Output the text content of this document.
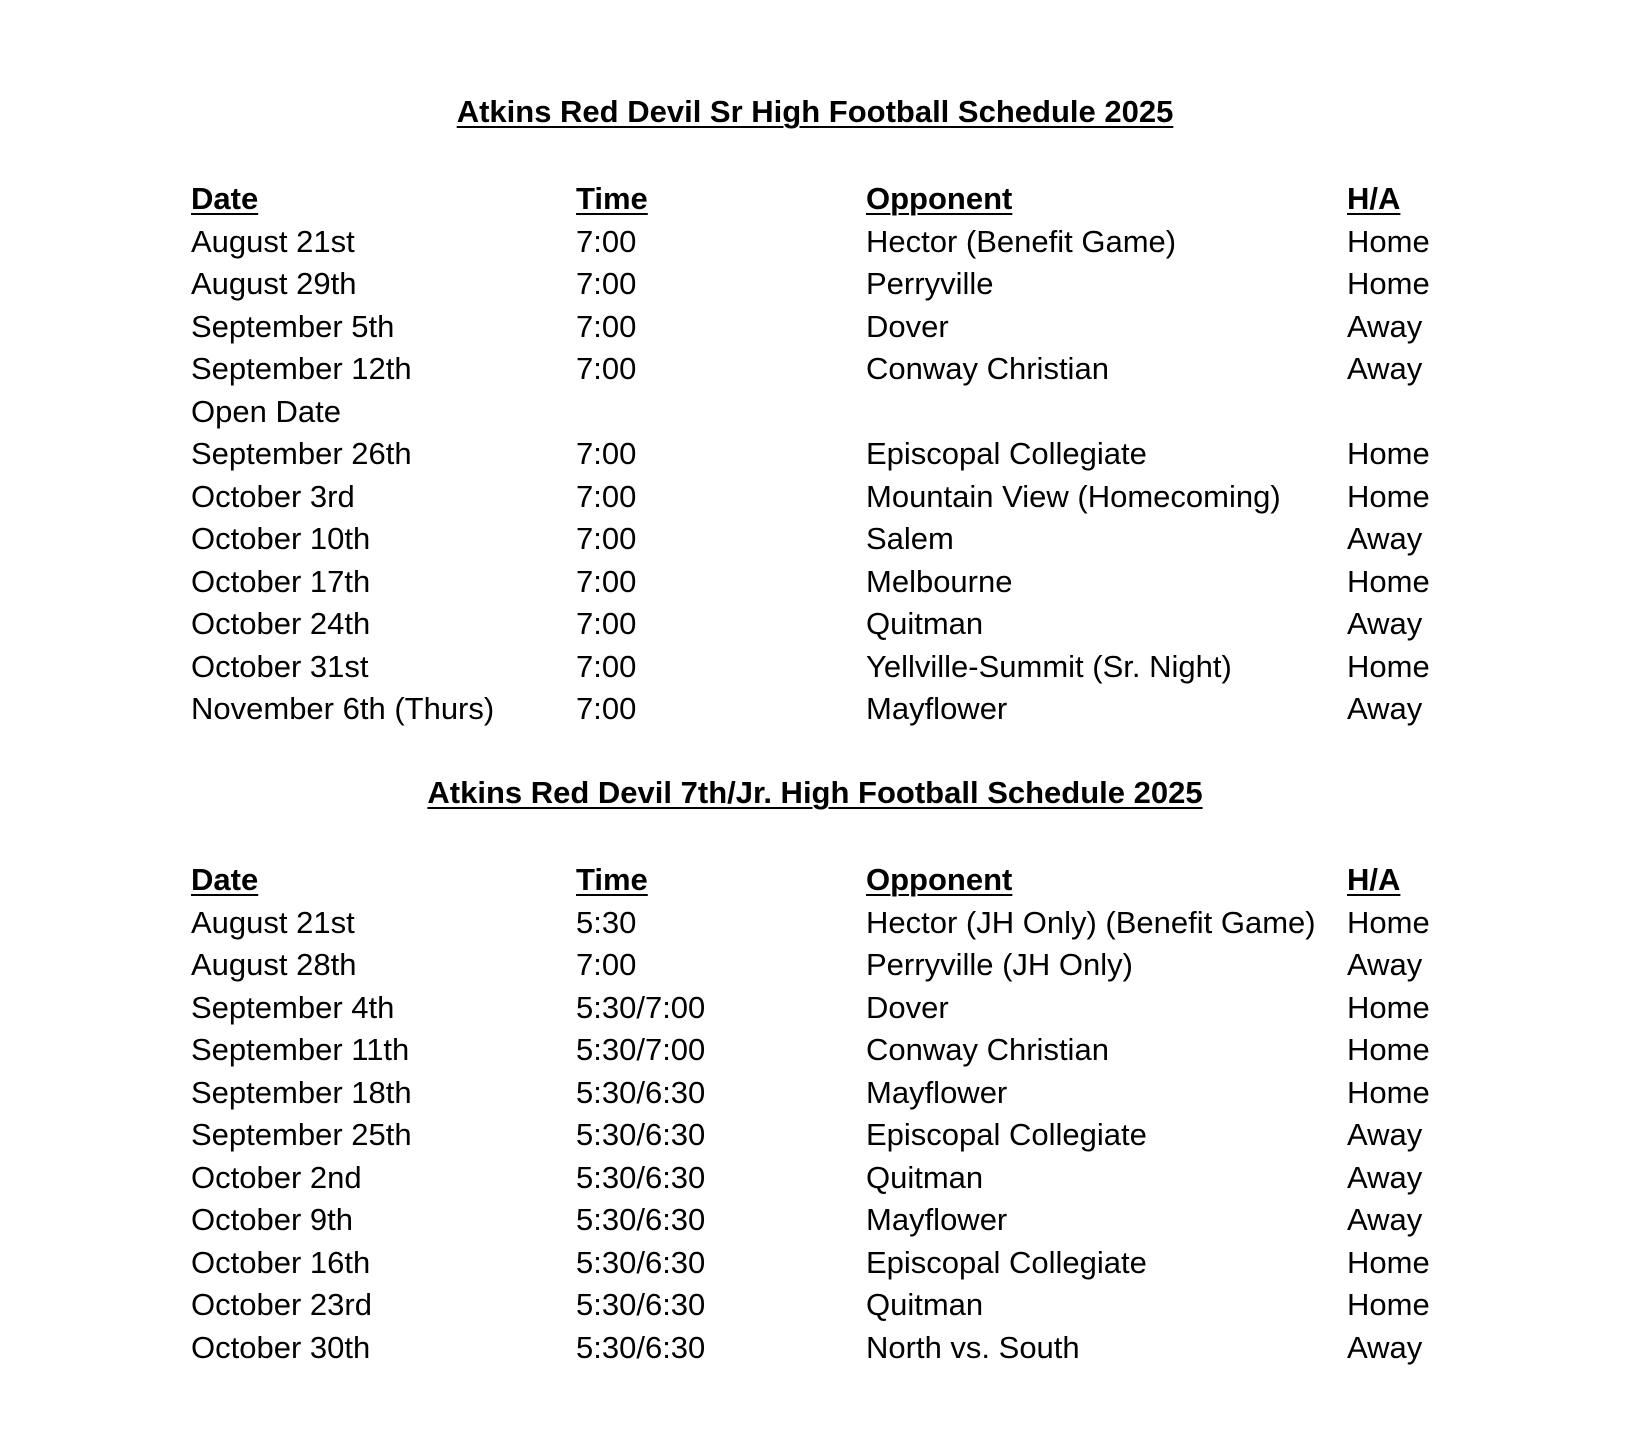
Atkins Red Devil Sr High Football Schedule 2025
Date	Time	Opponent	H/A
August 21st	7:00	Hector (Benefit Game)	Home
August 29th	7:00	Perryville	Home
September 5th	7:00	Dover	Away
September 12th	7:00	Conway Christian	Away
Open Date
September 26th	7:00	Episcopal Collegiate	Home
October 3rd	7:00	Mountain View (Homecoming) Home
October 10th	7:00	Salem	Away
October 17th	7:00	Melbourne	Home
October 24th	7:00	Quitman	Away
October 31st	7:00	Yellville-Summit (Sr. Night)	Home
November 6th (Thurs)	7:00	Mayflower	Away
Atkins Red Devil 7th/Jr. High Football Schedule 2025
Date	Time	Opponent	H/A
August 21st	5:30	Hector (JH Only) (Benefit Game) Home
August 28th	7:00	Perryville (JH Only)	Away
September 4th	5:30/7:00	Dover	Home
September 11th	5:30/7:00	Conway Christian	Home
September 18th	5:30/6:30	Mayflower	Home
September 25th	5:30/6:30	Episcopal Collegiate	Away
October 2nd	5:30/6:30	Quitman	Away
October 9th	5:30/6:30	Mayflower	Away
October 16th	5:30/6:30	Episcopal Collegiate	Home
October 23rd	5:30/6:30	Quitman	Home
October 30th	5:30/6:30	North vs. South	Away
